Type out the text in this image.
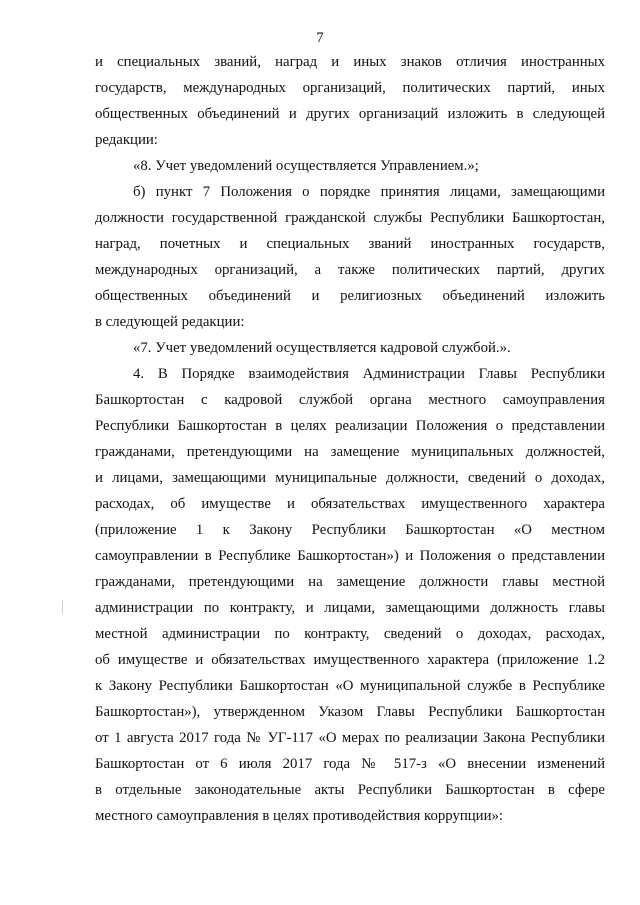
7
и специальных званий, наград и иных знаков отличия иностранных
государств, международных организаций, политических партий, иных
общественных объединений и других организаций изложить в следующей
редакции:
«8. Учет уведомлений осуществляется Управлением.»;
б) пункт 7 Положения о порядке принятия лицами, замещающими
должности государственной гражданской службы Республики Башкортостан,
наград, почетных и специальных званий иностранных государств,
международных организаций, а также политических партий, других
общественных объединений и религиозных объединений изложить
в следующей редакции:
«7. Учет уведомлений осуществляется кадровой службой.».
4. В Порядке взаимодействия Администрации Главы Республики
Башкортостан с кадровой службой органа местного самоуправления
Республики Башкортостан в целях реализации Положения о представлении
гражданами, претендующими на замещение муниципальных должностей,
и лицами, замещающими муниципальные должности, сведений о доходах,
расходах, об имуществе и обязательствах имущественного характера
(приложение 1 к Закону Республики Башкортостан «О местном
самоуправлении в Республике Башкортостан») и Положения о представлении
гражданами, претендующими на замещение должности главы местной
администрации по контракту, и лицами, замещающими должность главы
местной администрации по контракту, сведений о доходах, расходах,
об имуществе и обязательствах имущественного характера (приложение 1.2
к Закону Республики Башкортостан «О муниципальной службе в Республике
Башкортостан»), утвержденном Указом Главы Республики Башкортостан
от 1 августа 2017 года № УГ-117 «О мерах по реализации Закона Республики
Башкортостан от 6 июля 2017 года № 517-з «О внесении изменений
в отдельные законодательные акты Республики Башкортостан в сфере
местного самоуправления в целях противодействия коррупции»:
